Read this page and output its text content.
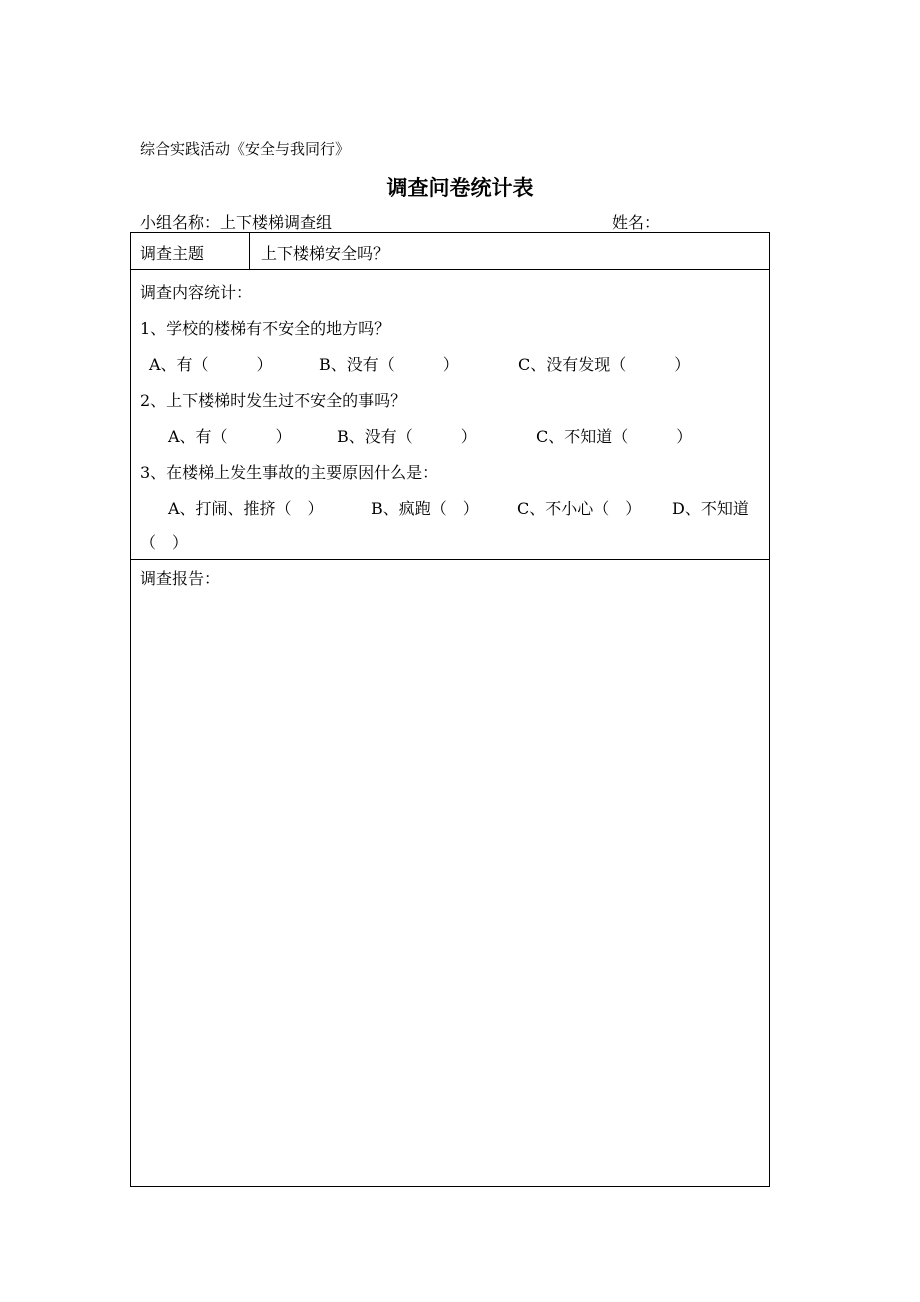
综合实践活动《安全与我同行》
调查问卷统计表
小组名称：上下楼梯调查组	姓名：
调查主题	上下楼梯安全吗？
调查内容统计：
1、学校的楼梯有不安全的地方吗？
A、有（　　　）	B、没有（　　　）	C、没有发现（　　　）
2、上下楼梯时发生过不安全的事吗？
A、有（　　　）	B、没有（　　　）	C、不知道（　　　）
3、在楼梯上发生事故的主要原因什么是：
A、打闹、推挤（　）	B、疯跑（　） C、不小心（　） D、不知道
（　）
调查报告：
